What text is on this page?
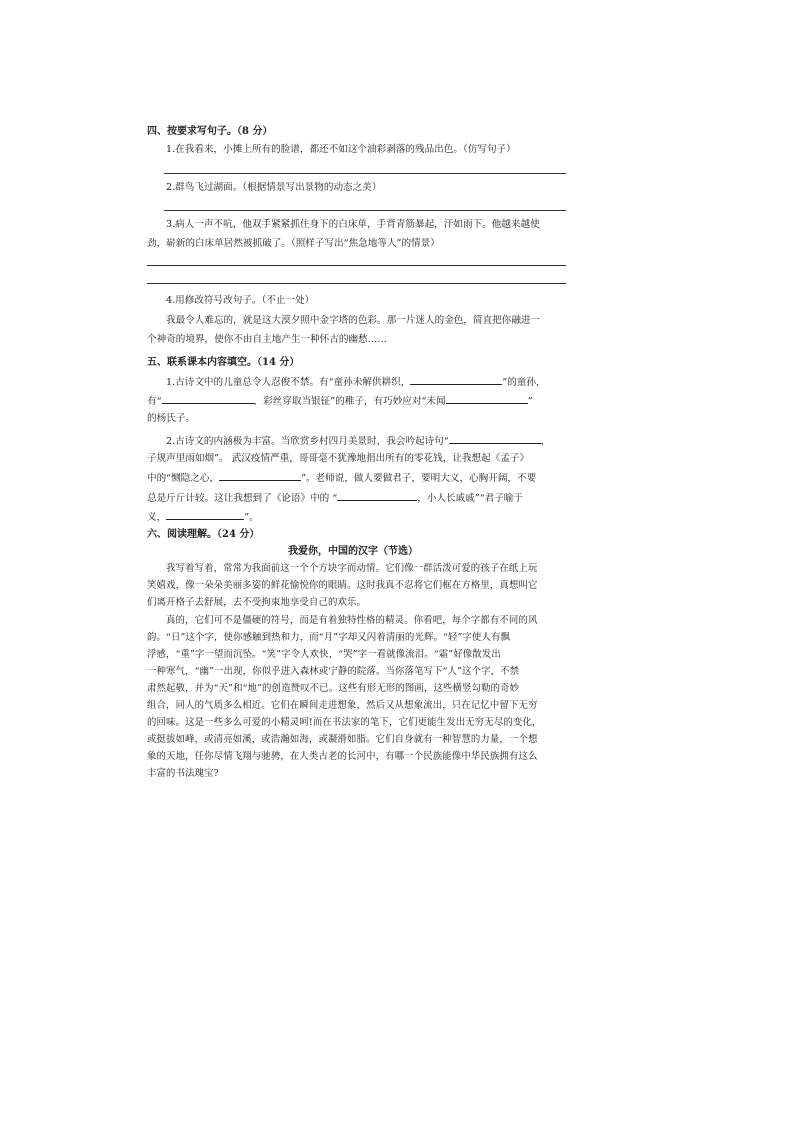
四、按要求写句子。（8 分）
1.在我看来，小摊上所有的脸谱，都还不如这个油彩剥落的残品出色。（仿写句子）
2.群鸟飞过湖面。（根据情景写出景物的动态之美）
3.病人一声不吭，他双手紧紧抓住身下的白床单，手背青筋暴起，汗如雨下。他越来越使
劲，崭新的白床单居然被抓破了。（照样子写出“焦急地等人”的情景）
4.用修改符号改句子。（不止一处）
我最令人难忘的，就是这大漠夕照中金字塔的色彩。那一片迷人的金色，简直把你融进一
个神奇的境界，使你不由自主地产生一种怀古的幽愁……
五、联系课本内容填空。（14 分）
1.古诗文中的儿童总令人忍俊不禁。有“童孙未解供耕织，	”的童孙，
有“	，彩丝穿取当银钲”的稚子，有巧妙应对“未闻	”
的杨氏子。
2.古诗文的内涵极为丰富。当欣赏乡村四月美景时，我会吟起诗句“	，
子规声里雨如烟”。 武汉疫情严重，哥哥毫不犹豫地捐出所有的零花钱，让我想起《孟子》
中的“恻隐之心，	”。老师说，做人要做君子，要明大义，心胸开阔，不要
总是斤斤计较。这让我想到了《论语》中的 “	，小人长戚戚”“君子喻于
义，	”。
六、阅读理解。（24 分）
我爱你，中国的汉字（节选）
我写着写着，常常为我面前这一个个方块字而动情。它们像一群活泼可爱的孩子在纸上玩
笑嬉戏，像一朵朵美丽多姿的鲜花愉悦你的眼睛。这时我真不忍将它们框在方格里，真想叫它
们离开格子去舒展，去不受拘束地享受自己的欢乐。
真的，它们可不是僵硬的符号，而是有着独特性格的精灵。你看吧，每个字都有不同的风
韵。“日”这个字，使你感触到热和力，而“月”字却又闪着清丽的光辉。“轻”字使人有飘
浮感，“重”字一望而沉坠。“笑”字令人欢快，“哭”字一看就像流泪。“霜”好像散发出
一种寒气，“幽”一出现，你似乎进入森林或宁静的院落。当你落笔写下“人”这个字，不禁
肃然起敬，并为“天”和“地”的创造赞叹不已。这些有形无形的图画，这些横竖勾勒的奇妙
组合，同人的气质多么相近。它们在瞬间走进想象，然后又从想象流出，只在记忆中留下无穷
的回味。这是一些多么可爱的小精灵呵!而在书法家的笔下，它们更能生发出无穷无尽的变化，
或挺拔如峰，或清亮如溪，或浩瀚如海，或凝滑如脂。它们自身就有一种智慧的力量，一个想
象的天地，任你尽情飞翔与驰骋，在人类古老的长河中，有哪一个民族能像中华民族拥有这么
丰富的书法瑰宝?
